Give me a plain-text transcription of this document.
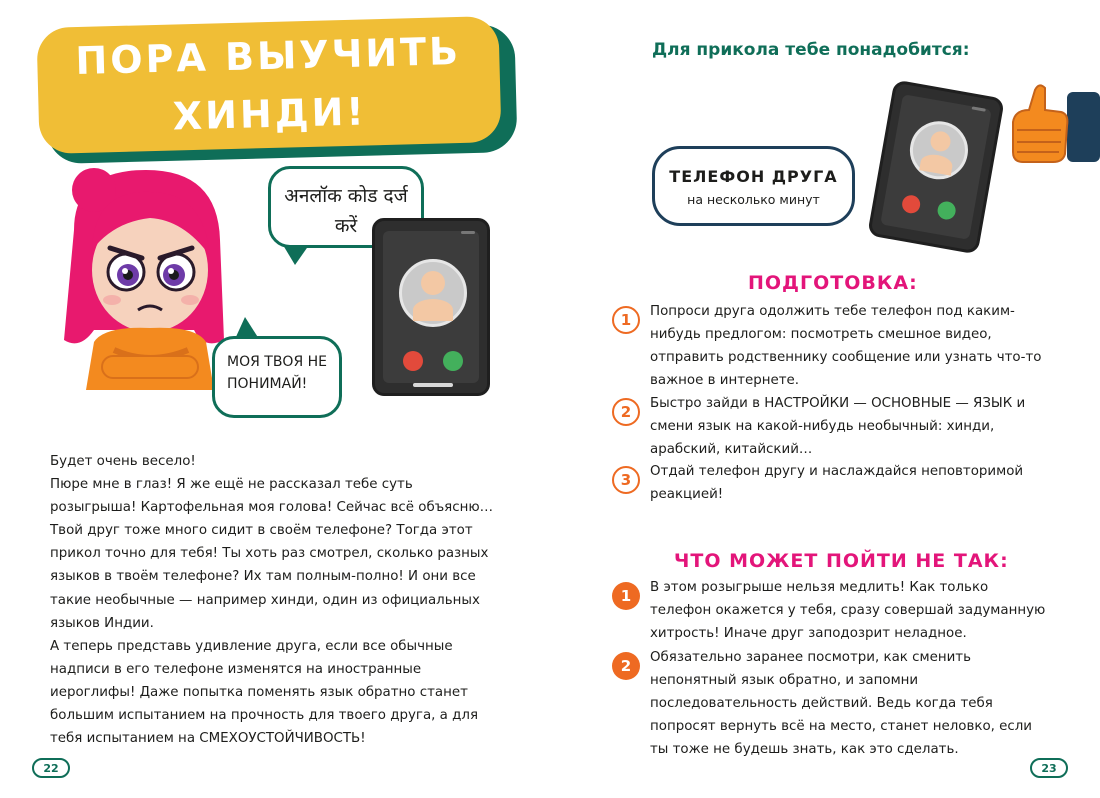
ПОРА ВЫУЧИТЬ ХИНДИ!
अनलॉक कोड दर्ज करें
МОЯ ТВОЯ НЕ ПОНИМАЙ!

Будет очень весело!

Пюре мне в глаз! Я же ещё не рассказал тебе суть розыгрыша! Картофельная моя голова! Сейчас всё объясню… Твой друг тоже много сидит в своём телефоне? Тогда этот прикол точно для тебя! Ты хоть раз смотрел, сколько разных языков в твоём телефоне? Их там полным-полно! И они все такие необычные — например хинди, один из официальных языков Индии.

А теперь представь удивление друга, если все обычные надписи в его телефоне изменятся на иностранные иероглифы! Даже попытка поменять язык обратно станет большим испытанием на прочность для твоего друга, а для тебя испытанием на СМЕХОУСТОЙЧИВОСТЬ!

22
Для прикола тебе понадобится:
ТЕЛЕФОН ДРУГА
на несколько минут
ПОДГОТОВКА:
1	Попроси друга одолжить тебе телефон под каким-нибудь предлогом: посмотреть смешное видео, отправить родственнику сообщение или узнать что-то важное в интернете.
2	Быстро зайди в НАСТРОЙКИ — ОСНОВНЫЕ — ЯЗЫК и смени язык на какой-нибудь необычный: хинди, арабский, китайский…
3	Отдай телефон другу и наслаждайся неповторимой реакцией!
ЧТО МОЖЕТ ПОЙТИ НЕ ТАК:
1	В этом розыгрыше нельзя медлить! Как только телефон окажется у тебя, сразу совершай задуманную хитрость! Иначе друг заподозрит неладное.
2	Обязательно заранее посмотри, как сменить непонятный язык обратно, и запомни последовательность действий. Ведь когда тебя попросят вернуть всё на место, станет неловко, если ты тоже не будешь знать, как это сделать.
23
